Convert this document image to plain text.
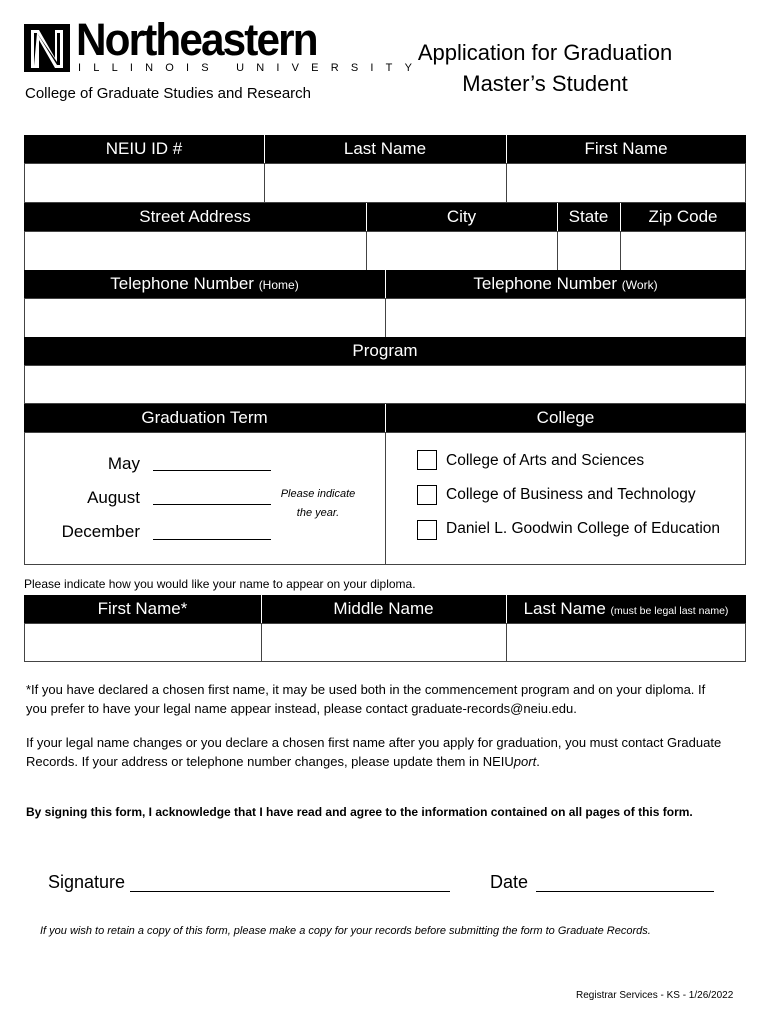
Northeastern
ILLINOIS UNIVERSITY
College of Graduate Studies and Research
Application for Graduation
Master’s Student
NEIU ID #	Last Name	First Name
Street Address	City	State	Zip Code
Telephone Number (Home)	Telephone Number (Work)
Program
Graduation Term	College
May
August
December
Please indicate
the year.
College of Arts and Sciences
College of Business and Technology
Daniel L. Goodwin College of Education
Please indicate how you would like your name to appear on your diploma.
First Name*	Middle Name	Last Name (must be legal last name)
*If you have declared a chosen first name, it may be used both in the commencement program and on your diploma. If you prefer to have your legal name appear instead, please contact graduate-records@neiu.edu.
If your legal name changes or you declare a chosen first name after you apply for graduation, you must contact Graduate Records. If your address or telephone number changes, please update them in NEIUport.
By signing this form, I acknowledge that I have read and agree to the information contained on all pages of this form.
Signature	Date
If you wish to retain a copy of this form, please make a copy for your records before submitting the form to Graduate Records.
Registrar Services - KS - 1/26/2022
